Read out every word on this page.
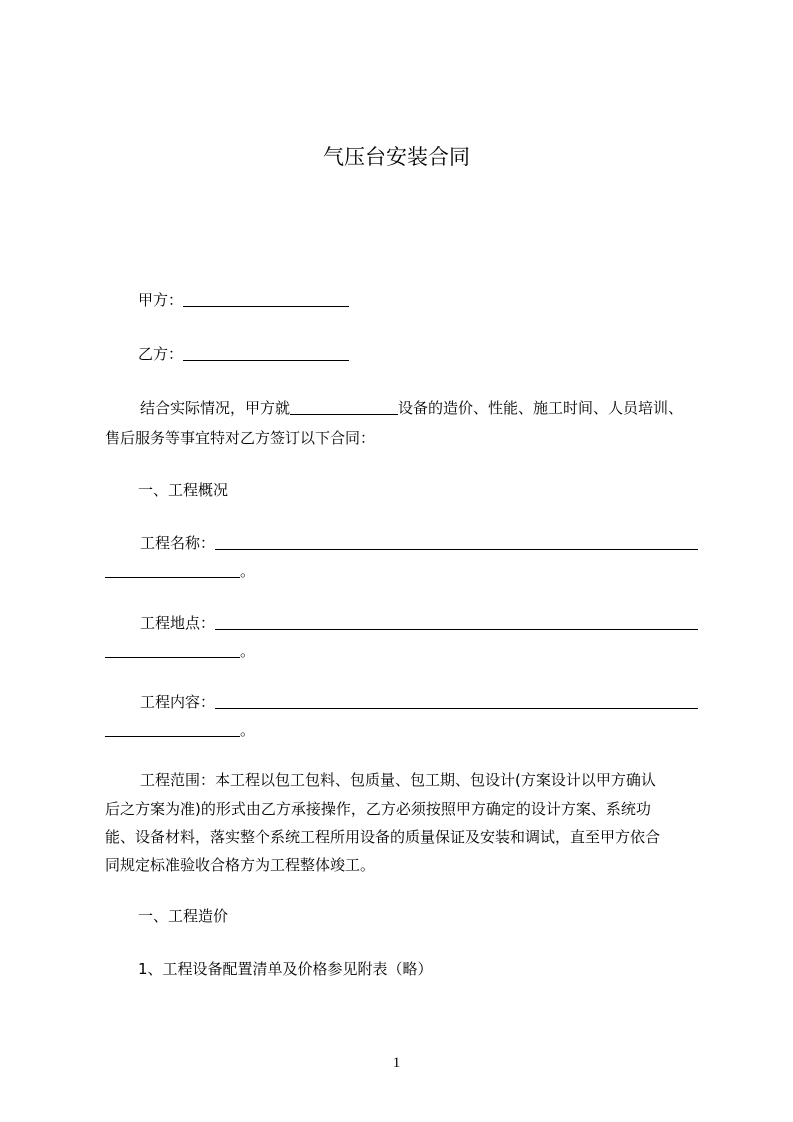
气压台安装合同
甲方：
乙方：
结合实际情况，甲方就	设备的造价、性能、施工时间、人员培训、
售后服务等事宜特对乙方签订以下合同：
一、工程概况
工程名称：
。
工程地点：
。
工程内容：
。
工程范围：本工程以包工包料、包质量、包工期、包设计(方案设计以甲方确认
后之方案为准)的形式由乙方承接操作，乙方必须按照甲方确定的设计方案、系统功
能、设备材料，落实整个系统工程所用设备的质量保证及安装和调试，直至甲方依合
同规定标准验收合格方为工程整体竣工。
一、工程造价
1、工程设备配置清单及价格参见附表（略）
1
